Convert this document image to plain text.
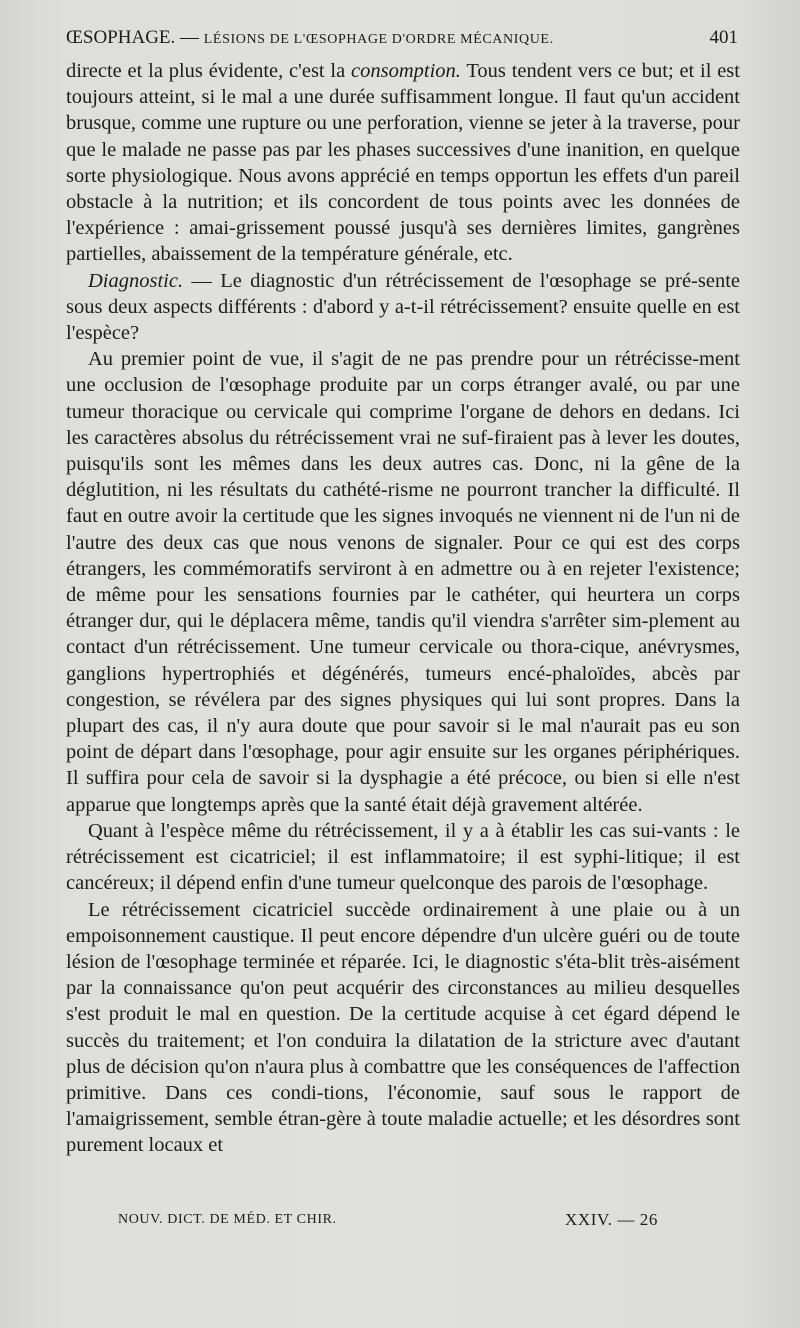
ŒSOPHAGE. — LÉSIONS DE L'ŒSOPHAGE D'ORDRE MÉCANIQUE.	401

directe et la plus évidente, c'est la consomption. Tous tendent vers ce but; et il est toujours atteint, si le mal a une durée suffisamment longue. Il faut qu'un accident brusque, comme une rupture ou une perforation, vienne se jeter à la traverse, pour que le malade ne passe pas par les phases successives d'une inanition, en quelque sorte physiologique. Nous avons apprécié en temps opportun les effets d'un pareil obstacle à la nutrition; et ils concordent de tous points avec les données de l'expérience : amai-grissement poussé jusqu'à ses dernières limites, gangrènes partielles, abaissement de la température générale, etc.

Diagnostic. — Le diagnostic d'un rétrécissement de l'œsophage se pré-sente sous deux aspects différents : d'abord y a-t-il rétrécissement? ensuite quelle en est l'espèce?

Au premier point de vue, il s'agit de ne pas prendre pour un rétrécisse-ment une occlusion de l'œsophage produite par un corps étranger avalé, ou par une tumeur thoracique ou cervicale qui comprime l'organe de dehors en dedans. Ici les caractères absolus du rétrécissement vrai ne suf-firaient pas à lever les doutes, puisqu'ils sont les mêmes dans les deux autres cas. Donc, ni la gêne de la déglutition, ni les résultats du cathété-risme ne pourront trancher la difficulté. Il faut en outre avoir la certitude que les signes invoqués ne viennent ni de l'un ni de l'autre des deux cas que nous venons de signaler. Pour ce qui est des corps étrangers, les commémoratifs serviront à en admettre ou à en rejeter l'existence; de même pour les sensations fournies par le cathéter, qui heurtera un corps étranger dur, qui le déplacera même, tandis qu'il viendra s'arrêter sim-plement au contact d'un rétrécissement. Une tumeur cervicale ou thora-cique, anévrysmes, ganglions hypertrophiés et dégénérés, tumeurs encé-phaloïdes, abcès par congestion, se révélera par des signes physiques qui lui sont propres. Dans la plupart des cas, il n'y aura doute que pour savoir si le mal n'aurait pas eu son point de départ dans l'œsophage, pour agir ensuite sur les organes périphériques. Il suffira pour cela de savoir si la dysphagie a été précoce, ou bien si elle n'est apparue que longtemps après que la santé était déjà gravement altérée.

Quant à l'espèce même du rétrécissement, il y a à établir les cas sui-vants : le rétrécissement est cicatriciel; il est inflammatoire; il est syphi-litique; il est cancéreux; il dépend enfin d'une tumeur quelconque des parois de l'œsophage.

Le rétrécissement cicatriciel succède ordinairement à une plaie ou à un empoisonnement caustique. Il peut encore dépendre d'un ulcère guéri ou de toute lésion de l'œsophage terminée et réparée. Ici, le diagnostic s'éta-blit très-aisément par la connaissance qu'on peut acquérir des circonstances au milieu desquelles s'est produit le mal en question. De la certitude acquise à cet égard dépend le succès du traitement; et l'on conduira la dilatation de la stricture avec d'autant plus de décision qu'on n'aura plus à combattre que les conséquences de l'affection primitive. Dans ces condi-tions, l'économie, sauf sous le rapport de l'amaigrissement, semble étran-gère à toute maladie actuelle; et les désordres sont purement locaux et

NOUV. DICT. DE MÉD. ET CHIR.	XXIV. — 26
